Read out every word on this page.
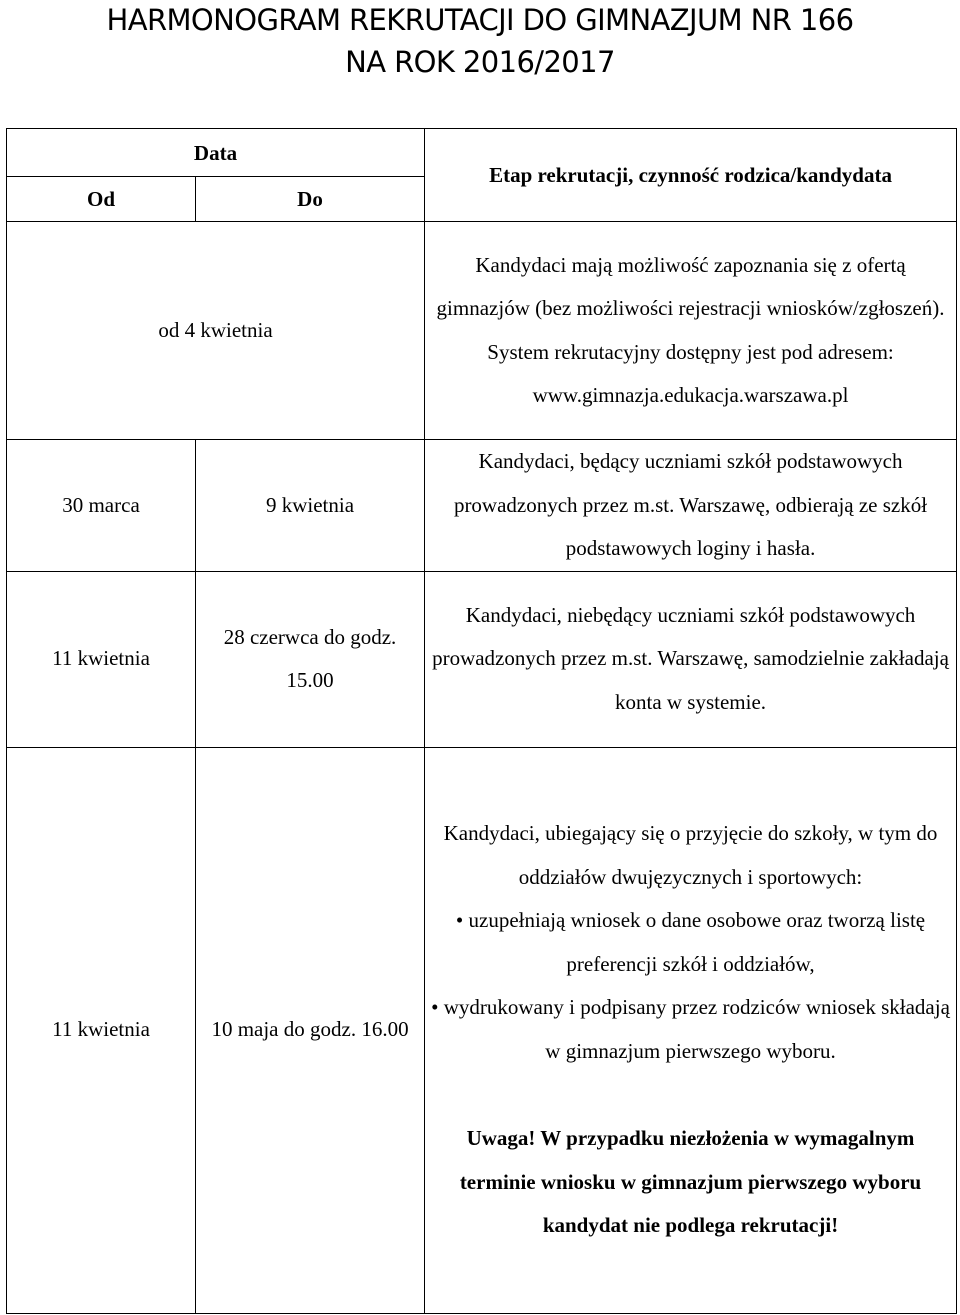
HARMONOGRAM REKRUTACJI DO GIMNAZJUM NR 166
NA ROK 2016/2017
Data		Etap rekrutacji, czynność rodzica/kandydata
Od	Do	
od 4 kwietnia		Kandydaci mają możliwość zapoznania się z ofertą gimnazjów (bez możliwości rejestracji wniosków/zgłoszeń). System rekrutacyjny dostępny jest pod adresem: www.gimnazja.edukacja.warszawa.pl
30 marca	9 kwietnia	Kandydaci, będący uczniami szkół podstawowych prowadzonych przez m.st. Warszawę, odbierają ze szkół podstawowych loginy i hasła.
11 kwietnia	28 czerwca do godz. 15.00	Kandydaci, niebędący uczniami szkół podstawowych prowadzonych przez m.st. Warszawę, samodzielnie zakładają konta w systemie.
11 kwietnia	10 maja do godz. 16.00	Kandydaci, ubiegający się o przyjęcie do szkoły, w tym do oddziałów dwujęzycznych i sportowych:
• uzupełniają wniosek o dane osobowe oraz tworzą listę preferencji szkół i oddziałów,
• wydrukowany i podpisany przez rodziców wniosek składają w gimnazjum pierwszego wyboru.
Uwaga! W przypadku niezłożenia w wymagalnym terminie wniosku w gimnazjum pierwszego wyboru kandydat nie podlega rekrutacji!
